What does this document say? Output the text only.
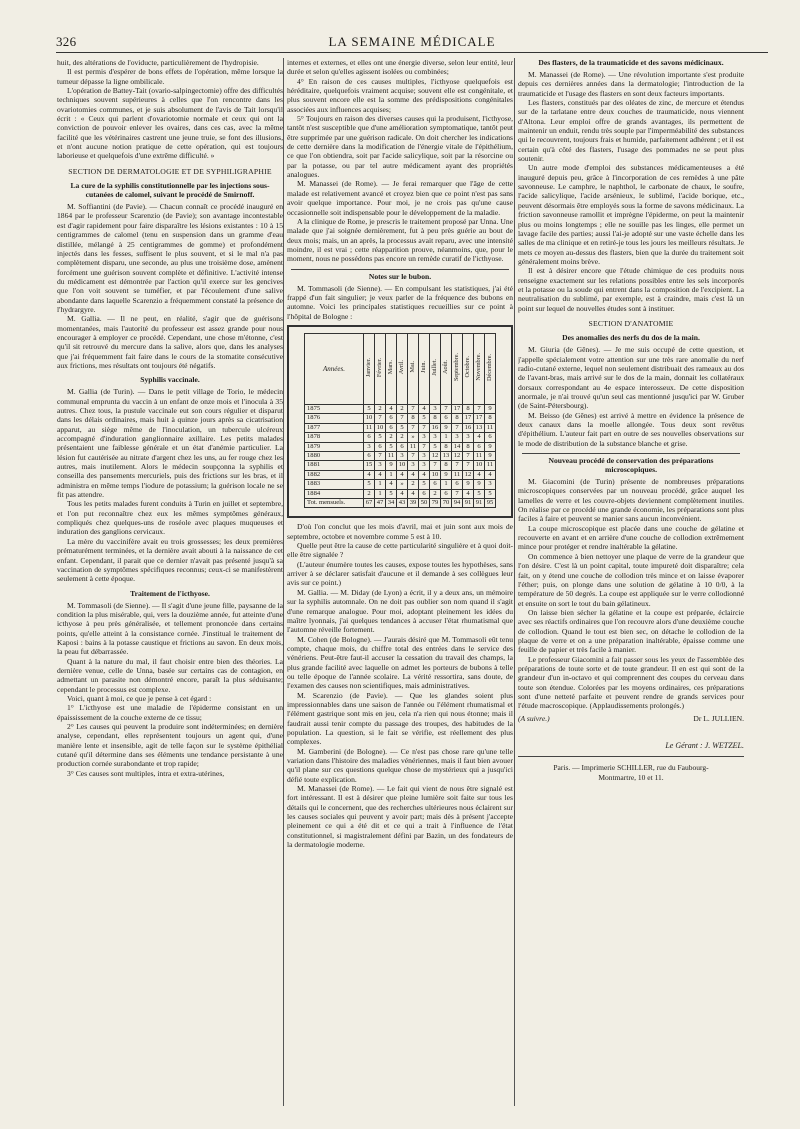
326	LA SEMAINE MÉDICALE

huit, des altérations de l'oviducte, particulièrement de l'hydropisie.

Il est permis d'espérer de bons effets de l'opération, même lorsque la tumeur dépasse la ligne ombilicale.

L'opération de Battey-Tait (ovario-salpingectomie) offre des difficultés techniques souvent supérieures à celles que l'on rencontre dans les ovariotomies communes, et je suis absolument de l'avis de Tait lorsqu'il écrit : « Ceux qui parlent d'ovariotomie normale et ceux qui ont la conviction de pouvoir enlever les ovaires, dans ces cas, avec la même facilité que les vétérinaires castrent une jeune truie, se font des illusions, et n'ont aucune notion pratique de cette opération, qui est toujours laborieuse et quelquefois d'une extrême difficulté. »

SECTION DE DERMATOLOGIE ET DE SYPHILIGRAPHIE
La cure de la syphilis constitutionnelle par les injections sous-cutanées de calomel, suivant le procédé de Smirnoff.

M. Soffiantini (de Pavie). — Chacun connaît ce procédé inauguré en 1864 par le professeur Scarenzio (de Pavie); son avantage incontestable est d'agir rapidement pour faire disparaître les lésions existantes : 10 à 15 centigrammes de calomel (tenu en suspension dans un gramme d'eau distillée, mélangé à 25 centigrammes de gomme) et profondément injectés dans les fesses, suffisent le plus souvent, et si le mal n'a pas complètement disparu, une seconde, au plus une troisième dose, amènent forcément une guérison souvent complète et définitive. L'activité intense du médicament est démontrée par l'action qu'il exerce sur les gencives que l'on voit souvent se tuméfier, et par l'écoulement d'une salive abondante dans laquelle Scarenzio a fréquemment constaté la présence de l'hydrargyre.

M. Gallia. — Il ne peut, en réalité, s'agir que de guérisons momentanées, mais l'autorité du professeur est assez grande pour nous encourager à employer ce procédé. Cependant, une chose m'étonne, c'est qu'il sit retrouvé du mercure dans la salive, alors que, dans les analyses que j'ai fréquemment fait faire dans le cours de la stomatite consécutive aux frictions, mes résultats ont toujours été négatifs.

Syphilis vaccinale.

M. Gallia (de Turin). — Dans le petit village de Torio, le médecin communal emprunta du vaccin à un enfant de onze mois et l'inocula à 35 autres. Chez tous, la pustule vaccinale eut son cours régulier et disparut dans les délais ordinaires, mais huit à quinze jours après sa cicatrisation apparut, au siège même de l'inoculation, un tubercule ulcéreux accompagné d'induration ganglionnaire axillaire. Les petits malades présentaient une faiblesse générale et un état d'anémie particulier. La lésion fut cautérisée au nitrate d'argent chez les uns, au fer rouge chez les autres, mais inutilement. Alors le médecin soupçonna la syphilis et conseilla des pansements mercuriels, puis des frictions sur les bras, et il administra en même temps l'iodure de potassium; la guérison locale ne se fit pas attendre.

Tous les petits malades furent conduits à Turin en juillet et septembre, et l'on put reconnaître chez eux les mêmes symptômes généraux, compliqués chez quelques-uns de roséole avec plaques muqueuses et induration des ganglions cervicaux.

La mère du vaccinifère avait eu trois grossesses; les deux premières prématurément terminées, et la dernière avait abouti à la naissance de cet enfant. Cependant, il parait que ce dernier n'avait pas présenté jusqu'à sa vaccination de symptômes spécifiques reconnus; ceux-ci se manifestèrent seulement à cette époque.

Traitement de l'icthyose.

M. Tommasoli (de Sienne). — Il s'agit d'une jeune fille, paysanne de la condition la plus misérable, qui, vers la douzième année, fut atteinte d'une icthyose à peu près généralisée, et tellement prononcée dans certains points, qu'elle atteint à la consistance cornée. J'institual le traitement de Kaposi : bains à la potasse caustique et frictions au savon. En deux mois, la peau fut débarrassée.

Quant à la nature du mal, il faut choisir entre bien des théories. La dernière venue, celle de Unna, basée sur certains cas de contagion, en admettant un parasite non démontré encore, paraît la plus séduisante; cependant le processus est complexe.

Voici, quant à moi, ce que je pense à cet égard :

1° L'icthyose est une maladie de l'épiderme consistant en un épaississement de la couche externe de ce tissu;

2° Les causes qui peuvent la produire sont indéterminées; en dernière analyse, cependant, elles représentent toujours un agent qui, d'une manière lente et insensible, agit de telle façon sur le système épithélial cutané qu'il détermine dans ses éléments une tendance persistante à une production cornée surabondante et trop rapide;

3° Ces causes sont multiples, intra et extra-utérines,

internes et externes, et elles ont une énergie diverse, selon leur entité, leur durée et selon qu'elles agissent isolées ou combinées;

4° En raison de ces causes multiples, l'icthyose quelquefois est héréditaire, quelquefois vraiment acquise; souvent elle est congénitale, et plus souvent encore elle est la somme des prédispositions congénitales associées aux influences acquises;

5° Toujours en raison des diverses causes qui la produisent, l'icthyose, tantôt n'est susceptible que d'une amélioration symptomatique, tantôt peut être supprimée par une guérison radicale. On doit chercher les indications de cette dernière dans la modification de l'énergie vitale de l'épithélium, ce que l'on obtiendra, soit par l'acide salicylique, soit par la résorcine ou par la potasse, ou par tel autre médicament ayant des propriétés analogues.

M. Manassei (de Rome). — Je ferai remarquer que l'âge de cette malade est relativement avancé et croyez bien que ce point n'est pas sans avoir quelque importance. Pour moi, je ne crois pas qu'une cause occasionnelle soit indispensable pour le développement de la maladie.

A la clinique de Rome, je prescris le traitement proposé par Unna. Une malade que j'ai soignée dernièrement, fut à peu près guérie au bout de deux mois; mais, un an après, la processus avait reparu, avec une intensité moindre, il est vrai ; cette réapparition prouve, néanmoins, que, pour le moment, nous ne possédons pas encore un remède curatif de l'icthyose.

Notes sur le bubon.

M. Tommasoli (de Sienne). — En compulsant les statistiques, j'ai été frappé d'un fait singulier; je veux parler de la fréquence des bubons en automne. Voici les principales statistiques recueillies sur ce point à l'hôpital de Bologne :

Années.	Janvier.	Février.	Mars.	Avril.	Mai.	Juin.	Juillet.	Août.	Septembre.	Octobre.	Novembre.	Décembre.
1875	5	2	4	2	7	4	3	7	17	8	7	9
1876	10	7	6	7	8	5	8	6	8	17	17	8
1877	11	10	6	5	7	7	16	9	7	16	13	11
1878	6	5	2	2	»	3	3	1	3	3	4	6
1879	3	6	5	6	11	7	5	8	14	8	6	9
1880	6	7	11	3	7	3	12	13	12	7	11	9
1881	15	3	9	10	3	3	7	8	7	7	10	11
1882	4	4	1	4	4	4	10	9	11	12	4	4
1883	5	1	4	»	2	5	6	1	6	9	9	3
1884	2	1	5	4	4	6	2	6	7	4	5	5
Tot. mensuels.	67	47	34	43	39	50	79	70	94	91	91	95

D'où l'on conclut que les mois d'avril, mai et juin sont aux mois de septembre, octobre et novembre comme 5 est à 10.

Quelle peut être la cause de cette particularité singulière et à quoi doit-elle être signalée ?

(L'auteur énumère toutes les causes, expose toutes les hypothèses, sans arriver à se déclarer satisfait d'aucune et il demande à ses collègues leur avis sur ce point.)

M. Gallia. — M. Diday (de Lyon) a écrit, il y a deux ans, un mémoire sur la syphilis automnale. On ne doit pas oublier son nom quand il s'agit d'une remarque analogue. Pour moi, adoptant pleinement les idées du maître lyonnais, j'ai quelques tendances à accuser l'état rhumatismal que l'automne réveille fortement.

M. Cohen (de Bologne). — J'aurais désiré que M. Tommasoli eût tenu compte, chaque mois, du chiffre total des entrées dans le service des vénériens. Peut-être faut-il accuser la cessation du travail des champs, la plus grande facilité avec laquelle on admet les porteurs de bubons à telle ou telle époque de l'année scolaire. La vérité ressortira, sans doute, de l'examen des causes non scientifiques, mais administratives.

M. Scarenzio (de Pavie). — Que les glandes soient plus impressionnables dans une saison de l'année ou l'élément rhumatismal et l'élément gastrique sont mis en jeu, cela n'a rien qui nous étonne; mais il faudrait aussi tenir compte du passage des troupes, des habitudes de la population. La question, si le fait se vérifie, est réellement des plus complexes.

M. Gamberini (de Bologne). — Ce n'est pas chose rare qu'une telle variation dans l'histoire des maladies vénériennes, mais il faut bien avouer qu'il plane sur ces questions quelque chose de mystérieux qui a jusqu'ici défié toute explication.

M. Manassei (de Rome). — Le fait qui vient de nous être signalé est fort intéressant. Il est à désirer que pleine lumière soit faite sur tous les détails qui le concernent, que des recherches ultérieures nous éclairent sur les causes sociales qui peuvent y avoir part; mais dès à présent j'accepte pleinement ce qui a été dit et ce qui a trait à l'influence de l'état constitutionnel, si magistralement défini par Bazin, un des fondateurs de la dermatologie moderne.

Des flasters, de la traumaticide et des savons médicinaux.

M. Manassei (de Rome). — Une révolution importante s'est produite depuis ces dernières années dans la dermatologie; l'introduction de la traumaticide et l'usage des flasters en sont deux facteurs importants.

Les flasters, constitués par des oléates de zinc, de mercure et étendus sur de la tarlatane entre deux couches de traumaticide, nous viennent d'Altona. Leur emploi offre de grands avantages, ils permettent de maintenir un enduit, rendu très souple par l'imperméabilité des substances qui le recouvrent, toujours frais et humide, parfaitement adhérent ; et il est certain qu'à côté des flasters, l'usage des pommades ne se peut plus soutenir.

Un autre mode d'emploi des substances médicamenteuses a été inauguré depuis peu, grâce à l'incorporation de ces remèdes à une pâte savonneuse. Le camphre, le naphthol, le carbonate de chaux, le soufre, l'acide salicylique, l'acide arsénieux, le sublimé, l'acide borique, etc., peuvent désormais être employés sous la forme de savons médicinaux. La friction savonneuse ramollit et imprègne l'épiderme, on peut la maintenir plus ou moins longtemps ; elle ne souille pas les linges, elle permet un lavage facile des parties; aussi l'ai-je adopté sur une vaste échelle dans les salles de ma clinique et en retiré-je tous les jours les meilleurs résultats. Je mets ce moyen au-dessus des flasters, bien que la durée du traitement soit généralement moins brève.

Il est à désirer encore que l'étude chimique de ces produits nous renseigne exactement sur les relations possibles entre les sels incorporés et la potasse ou la soude qui entrent dans la composition de l'excipient. La neutralisation du sublimé, par exemple, est à craindre, mais c'est là un point sur lequel de nouvelles études sont à instituer.

SECTION D'ANATOMIE
Des anomalies des nerfs du dos de la main.

M. Giuria (de Gênes). — Je me suis occupé de cette question, et j'appelle spécialement votre attention sur une très rare anomalie du nerf radio-cutané externe, lequel non seulement distribuait des rameaux au dos de l'avant-bras, mais arrivé sur le dos de la main, donnait les collatéraux dorsaux correspondant au 4e espace interosseux. De cette disposition anormale, je n'ai trouvé qu'un seul cas mentionné jusqu'ici par W. Gruber (de Saint-Pétersbourg).

M. Beisso (de Gênes) est arrivé à mettre en évidence la présence de deux canaux dans la moelle allongée. Tous deux sont revêtus d'épithélium. L'auteur fait part en outre de ses nouvelles observations sur le mode de distribution de la substance blanche et grise.

Nouveau procédé de conservation des préparations microscopiques.

M. Giacomini (de Turin) présente de nombreuses préparations microscopiques conservées par un nouveau procédé, grâce auquel les lamelles de verre et les couvre-objets deviennent complètement inutiles. On réalise par ce procédé une grande économie, les préparations sont plus faciles à faire et peuvent se manier sans aucun inconvénient.

La coupe microscopique est placée dans une couche de gélatine et recouverte en avant et en arrière d'une couche de collodion extrêmement mince pour protéger et rendre inaltérable la gélatine.

On commence à bien nettoyer une plaque de verre de la grandeur que l'on désire. C'est là un point capital, toute impureté doit disparaître; cela fait, on y étend une couche de collodion très mince et on laisse évaporer l'éther; puis, on plonge dans une solution de gélatine à 10 0/0, à la température de 50 degrés. La coupe est appliquée sur le verre collodionné et ensuite on sort le tout du bain gélatineux.

On laisse bien sécher la gélatine et la coupe est préparée, éclaircie avec ses réactifs ordinaires que l'on recouvre alors d'une deuxième couche de collodion. Quand le tout est bien sec, on détache le collodion de la plaque de verre et on a une préparation inaltérable, épaisse comme une feuille de papier et très facile à manier.

Le professeur Giacomini a fait passer sous les yeux de l'assemblée des préparations de toute sorte et de toute grandeur. Il en est qui sont de la grandeur d'un in-octavo et qui comprennent des coupes du cerveau dans toute son étendue. Colorées par les moyens ordinaires, ces préparations sont d'une netteté parfaite et peuvent rendre de grands services pour l'étude macroscopique. (Applaudissements prolongés.)

(A suivre.)	Dr L. JULLIEN.
Le Gérant : J. WETZEL.
Paris. — Imprimerie SCHILLER, rue du Faubourg-
Montmartre, 10 et 11.
